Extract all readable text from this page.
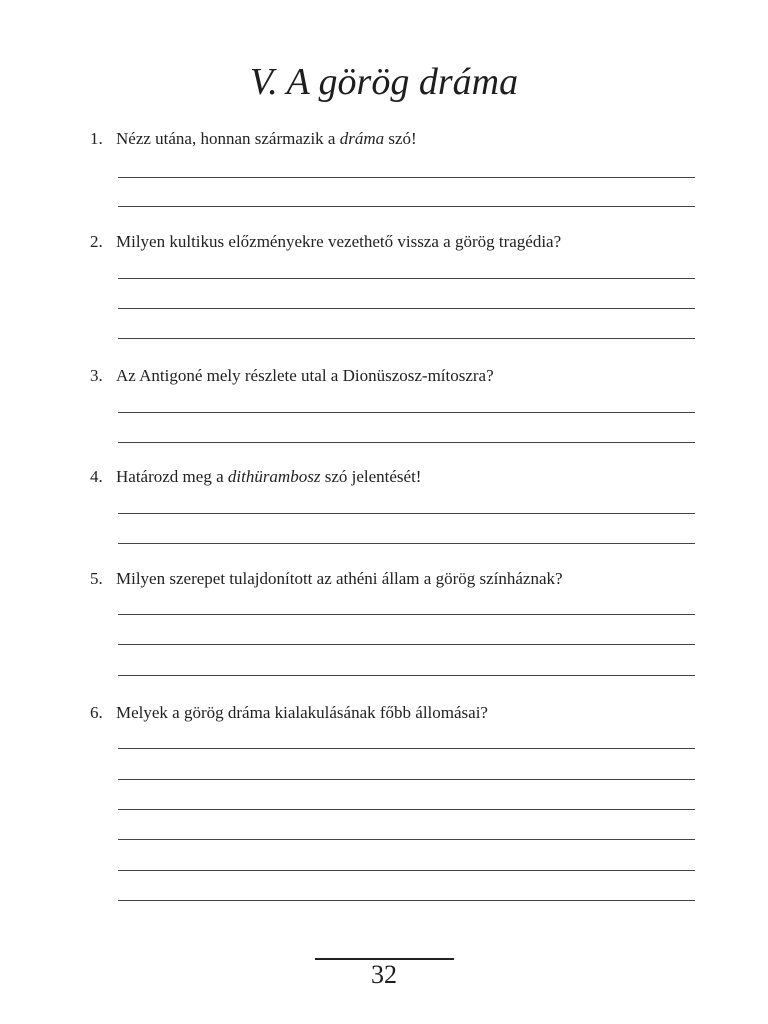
V. A görög dráma
1. Nézz utána, honnan származik a dráma szó!
2. Milyen kultikus előzményekre vezethető vissza a görög tragédia?
3. Az Antigoné mely részlete utal a Dionüszosz-mítoszra?
4. Határozd meg a dithürambosz szó jelentését!
5. Milyen szerepet tulajdonított az athéni állam a görög színháznak?
6. Melyek a görög dráma kialakulásának főbb állomásai?
32
